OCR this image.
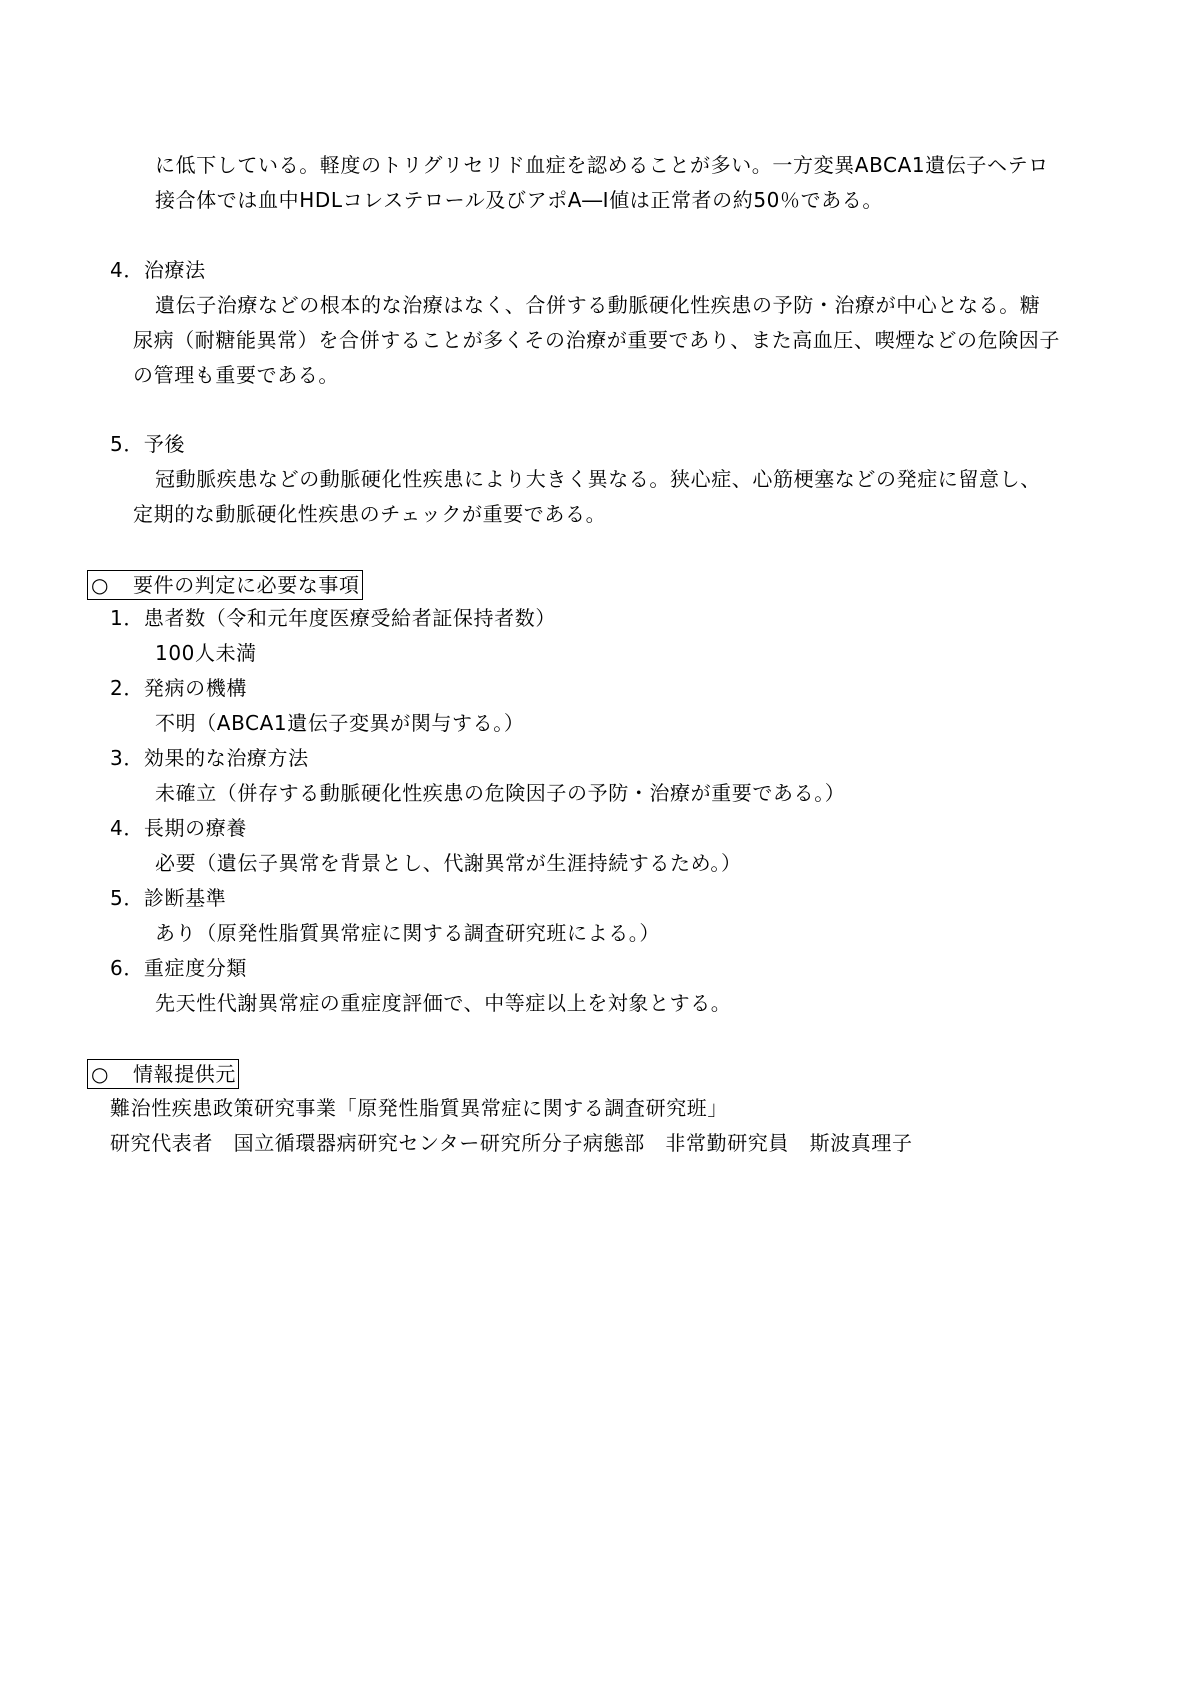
に低下している。軽度のトリグリセリド血症を認めることが多い。一方変異ABCA1遺伝子ヘテロ
接合体では血中HDLコレステロール及びアポA―I値は正常者の約50％である。
4．治療法
遺伝子治療などの根本的な治療はなく、合併する動脈硬化性疾患の予防・治療が中心となる。糖
尿病（耐糖能異常）を合併することが多くその治療が重要であり、また高血圧、喫煙などの危険因子
の管理も重要である。
5．予後
冠動脈疾患などの動脈硬化性疾患により大きく異なる。狭心症、心筋梗塞などの発症に留意し、
定期的な動脈硬化性疾患のチェックが重要である。
○ 要件の判定に必要な事項
1．患者数（令和元年度医療受給者証保持者数）
100人未満
2．発病の機構
不明（ABCA1遺伝子変異が関与する。）
3．効果的な治療方法
未確立（併存する動脈硬化性疾患の危険因子の予防・治療が重要である。）
4．長期の療養
必要（遺伝子異常を背景とし、代謝異常が生涯持続するため。）
5．診断基準
あり（原発性脂質異常症に関する調査研究班による。）
6．重症度分類
先天性代謝異常症の重症度評価で、中等症以上を対象とする。
○ 情報提供元
難治性疾患政策研究事業「原発性脂質異常症に関する調査研究班」
研究代表者　国立循環器病研究センター研究所分子病態部　非常勤研究員　斯波真理子
